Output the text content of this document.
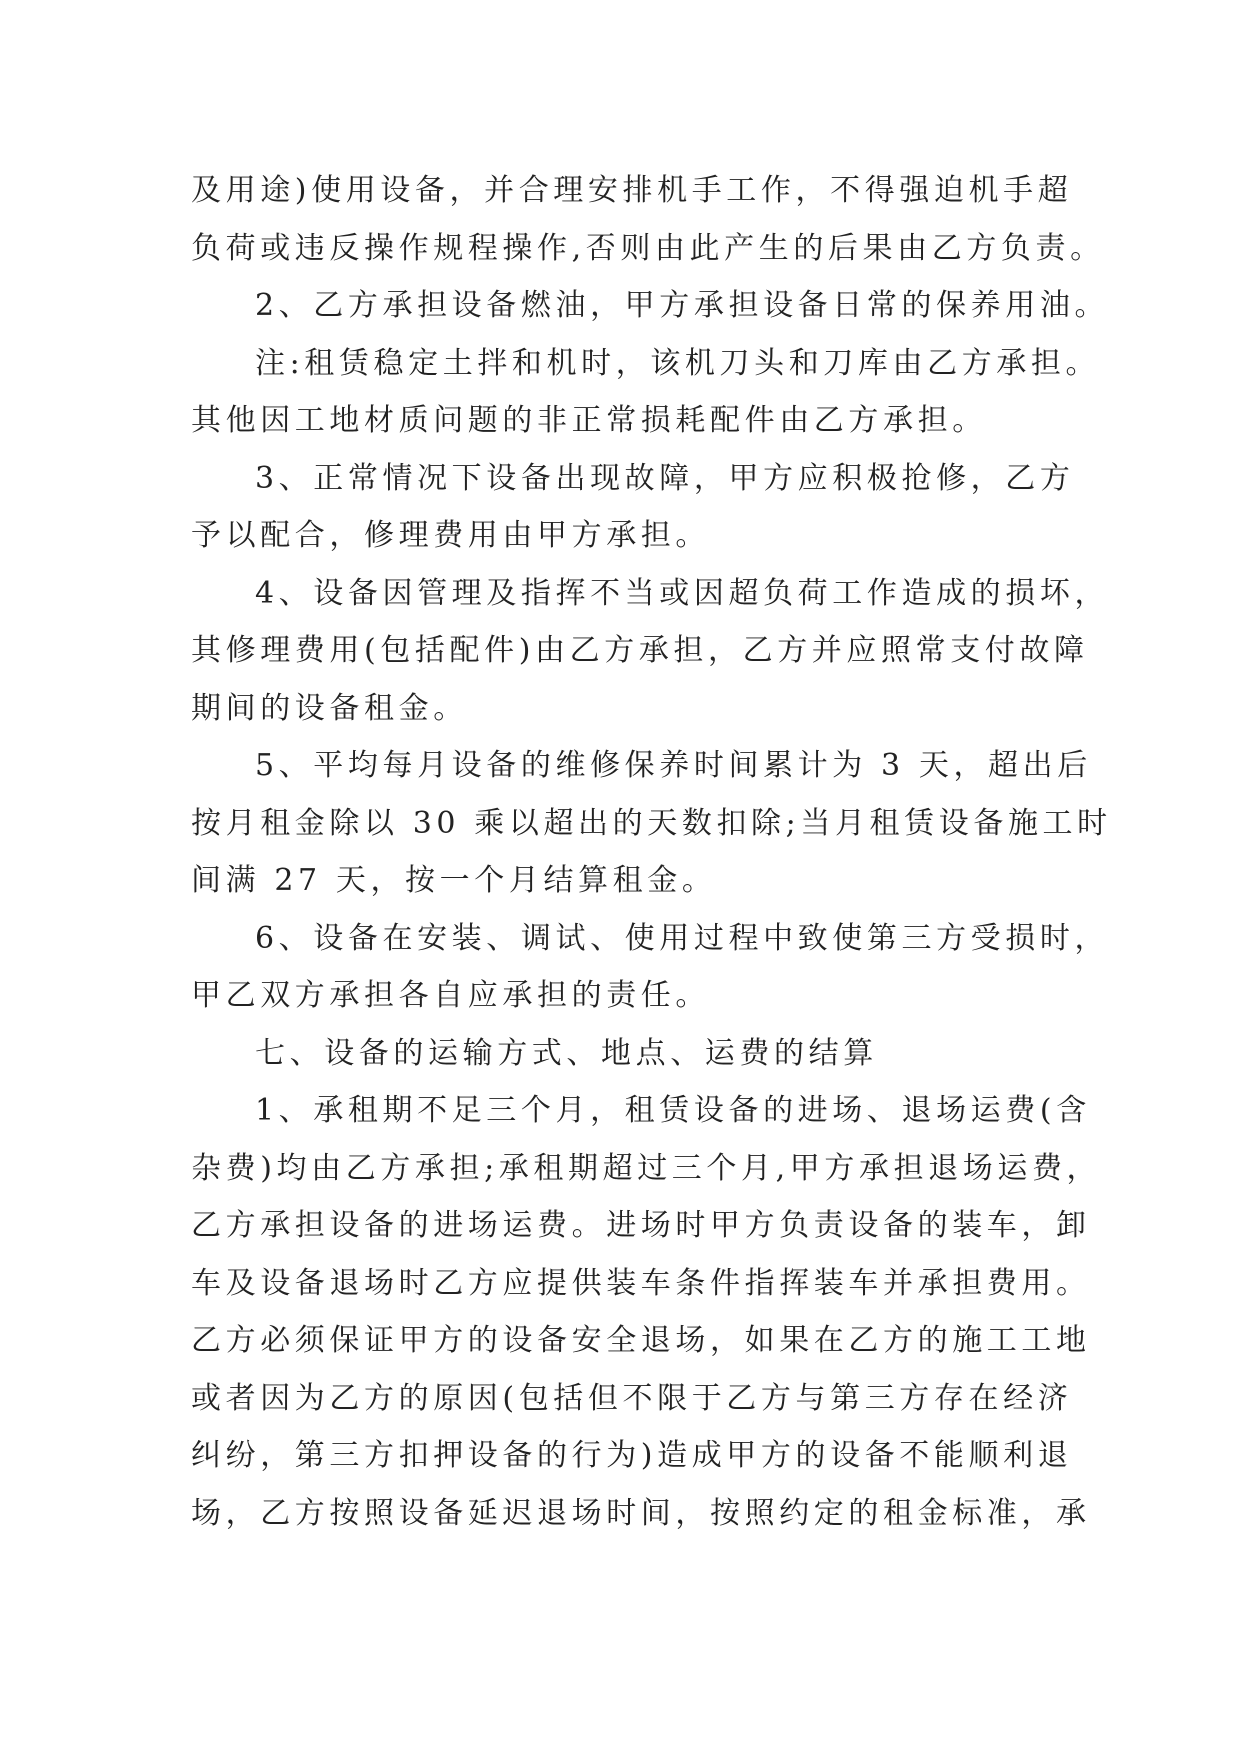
及用途)使用设备，并合理安排机手工作，不得强迫机手超
负荷或违反操作规程操作,否则由此产生的后果由乙方负责。
2、乙方承担设备燃油，甲方承担设备日常的保养用油。
注:租赁稳定土拌和机时，该机刀头和刀库由乙方承担。
其他因工地材质问题的非正常损耗配件由乙方承担。
3、正常情况下设备出现故障，甲方应积极抢修，乙方
予以配合，修理费用由甲方承担。
4、设备因管理及指挥不当或因超负荷工作造成的损坏，
其修理费用(包括配件)由乙方承担，乙方并应照常支付故障
期间的设备租金。
5、平均每月设备的维修保养时间累计为 3 天，超出后
按月租金除以 30 乘以超出的天数扣除;当月租赁设备施工时
间满 27 天，按一个月结算租金。
6、设备在安装、调试、使用过程中致使第三方受损时，
甲乙双方承担各自应承担的责任。
七、设备的运输方式、地点、运费的结算
1、承租期不足三个月，租赁设备的进场、退场运费(含
杂费)均由乙方承担;承租期超过三个月,甲方承担退场运费，
乙方承担设备的进场运费。进场时甲方负责设备的装车，卸
车及设备退场时乙方应提供装车条件指挥装车并承担费用。
乙方必须保证甲方的设备安全退场，如果在乙方的施工工地
或者因为乙方的原因(包括但不限于乙方与第三方存在经济
纠纷，第三方扣押设备的行为)造成甲方的设备不能顺利退
场，乙方按照设备延迟退场时间，按照约定的租金标准，承
